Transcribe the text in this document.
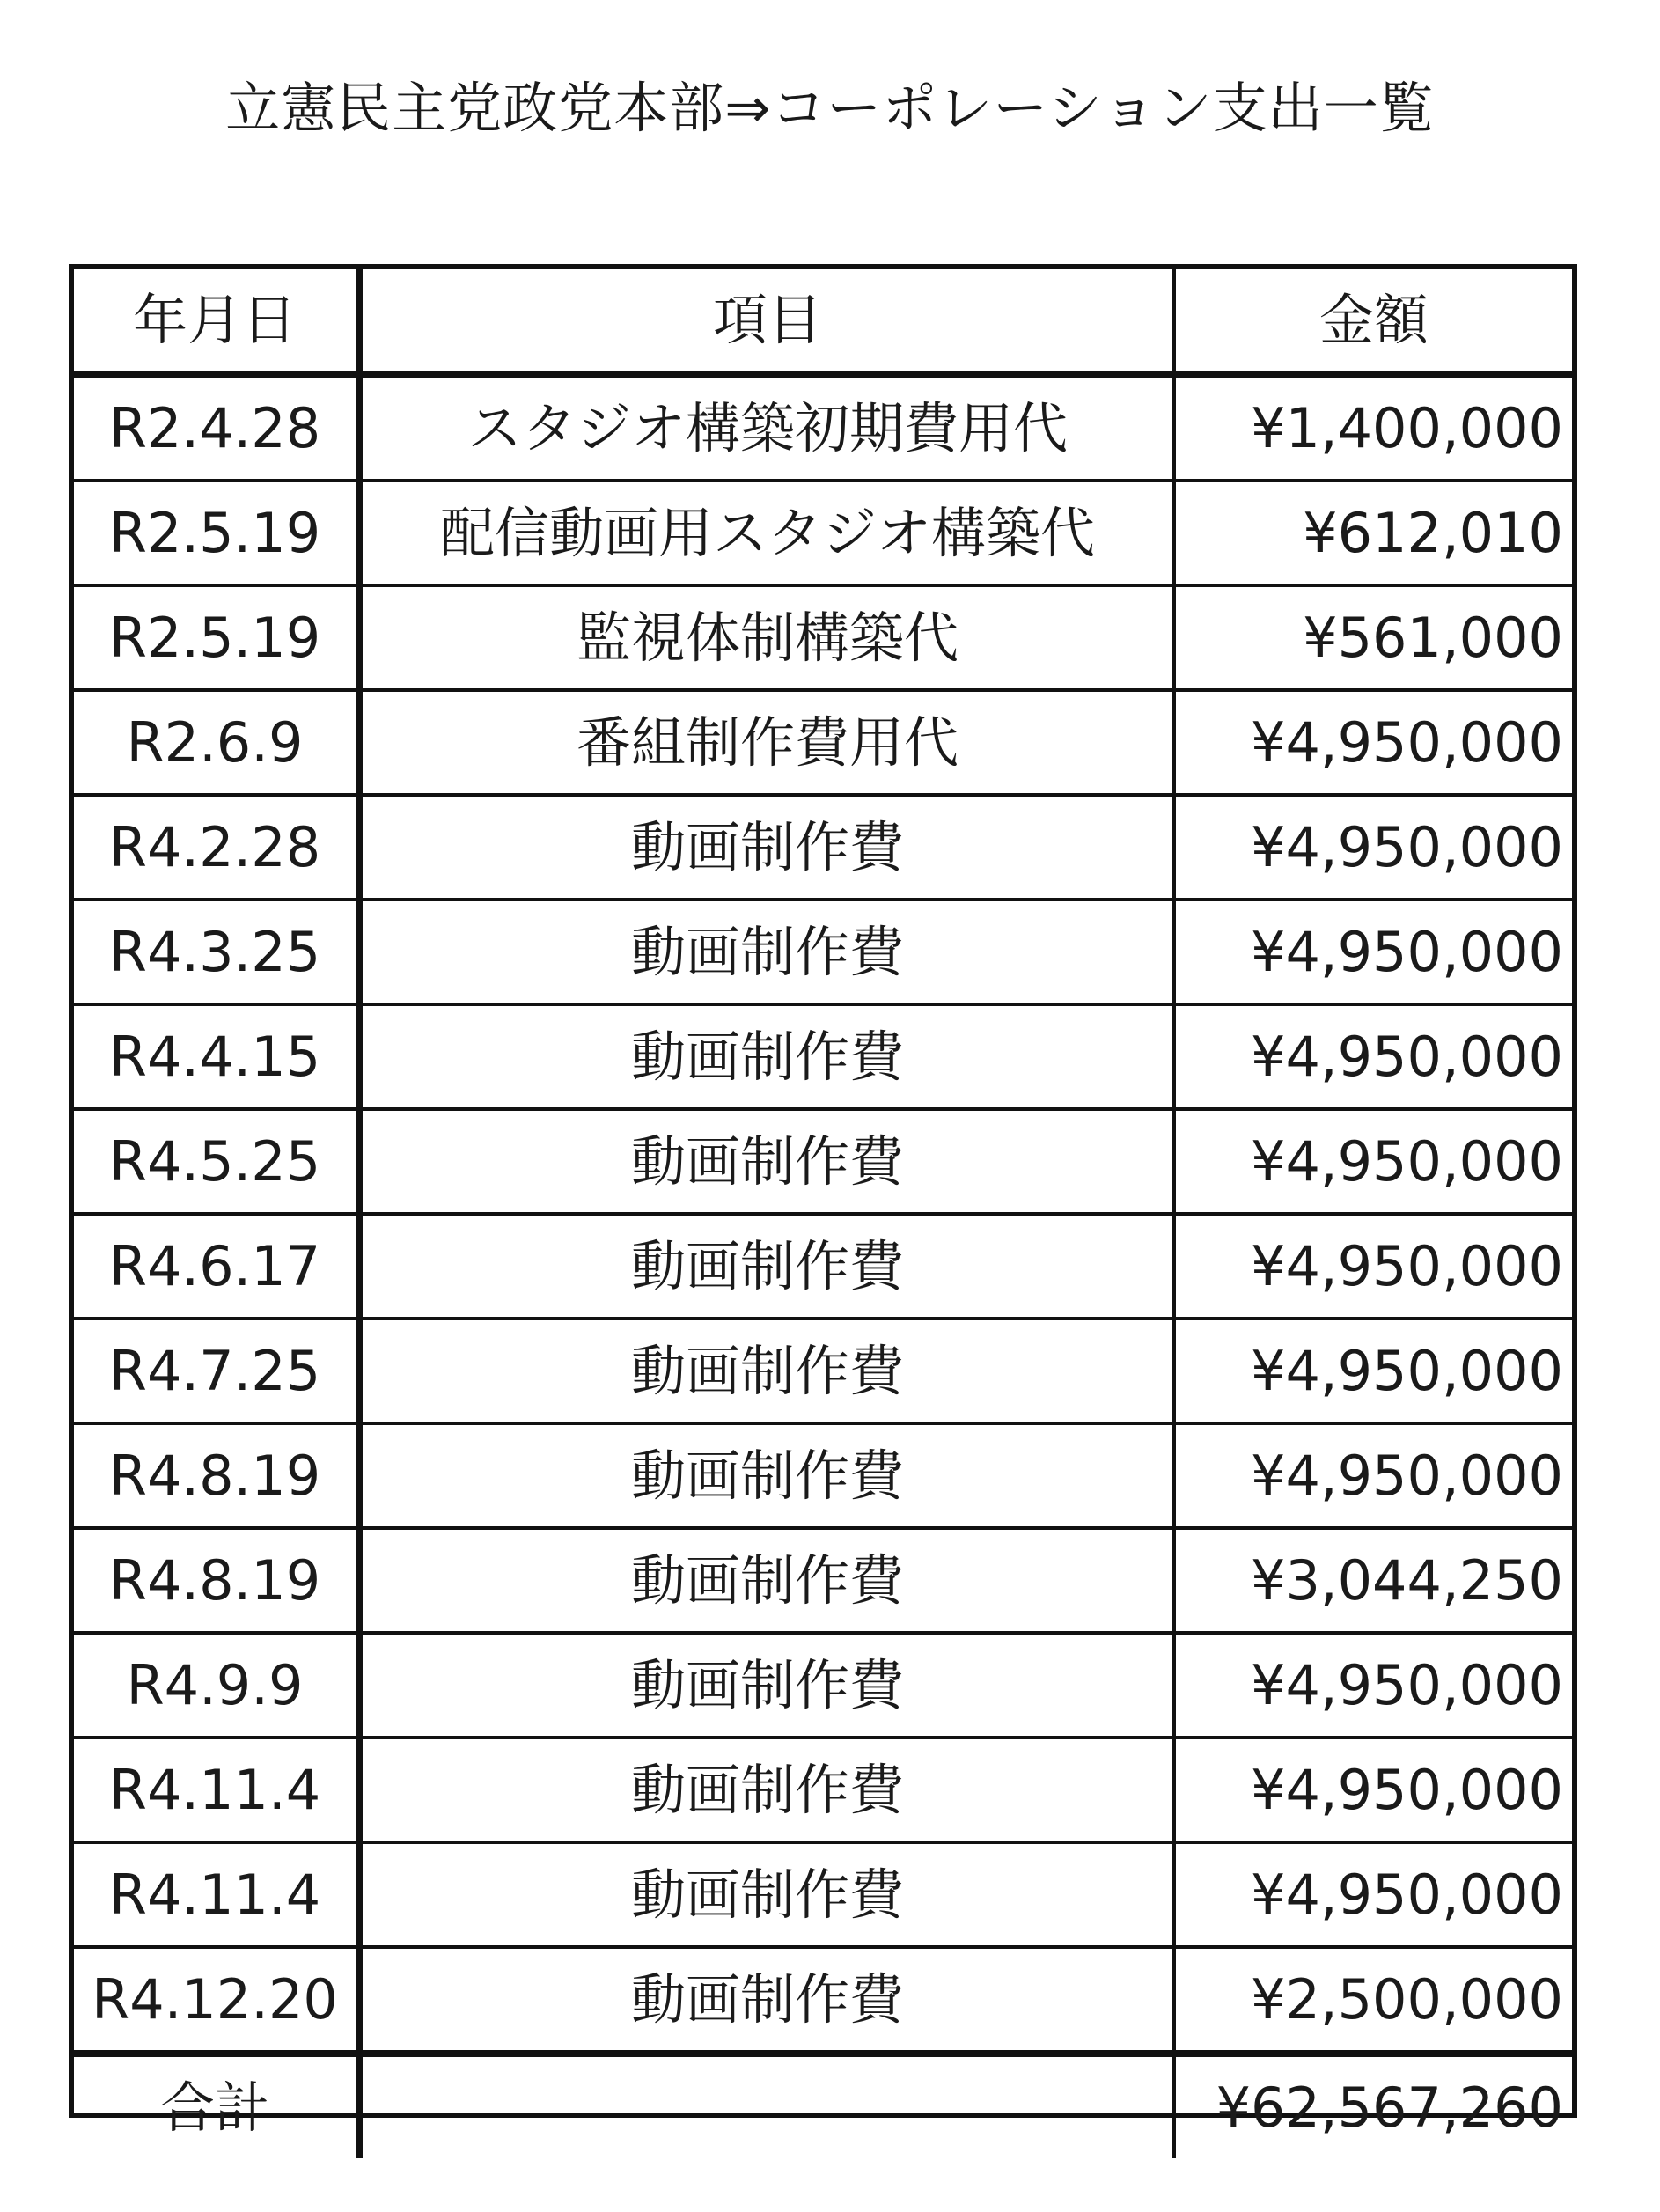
立憲民主党政党本部⇒コーポレーション支出一覧
年月日	項目	金額
R2.4.28	スタジオ構築初期費用代	¥1,400,000
R2.5.19	配信動画用スタジオ構築代	¥612,010
R2.5.19	監視体制構築代	¥561,000
R2.6.9	番組制作費用代	¥4,950,000
R4.2.28	動画制作費	¥4,950,000
R4.3.25	動画制作費	¥4,950,000
R4.4.15	動画制作費	¥4,950,000
R4.5.25	動画制作費	¥4,950,000
R4.6.17	動画制作費	¥4,950,000
R4.7.25	動画制作費	¥4,950,000
R4.8.19	動画制作費	¥4,950,000
R4.8.19	動画制作費	¥3,044,250
R4.9.9	動画制作費	¥4,950,000
R4.11.4	動画制作費	¥4,950,000
R4.11.4	動画制作費	¥4,950,000
R4.12.20	動画制作費	¥2,500,000
合計		¥62,567,260
